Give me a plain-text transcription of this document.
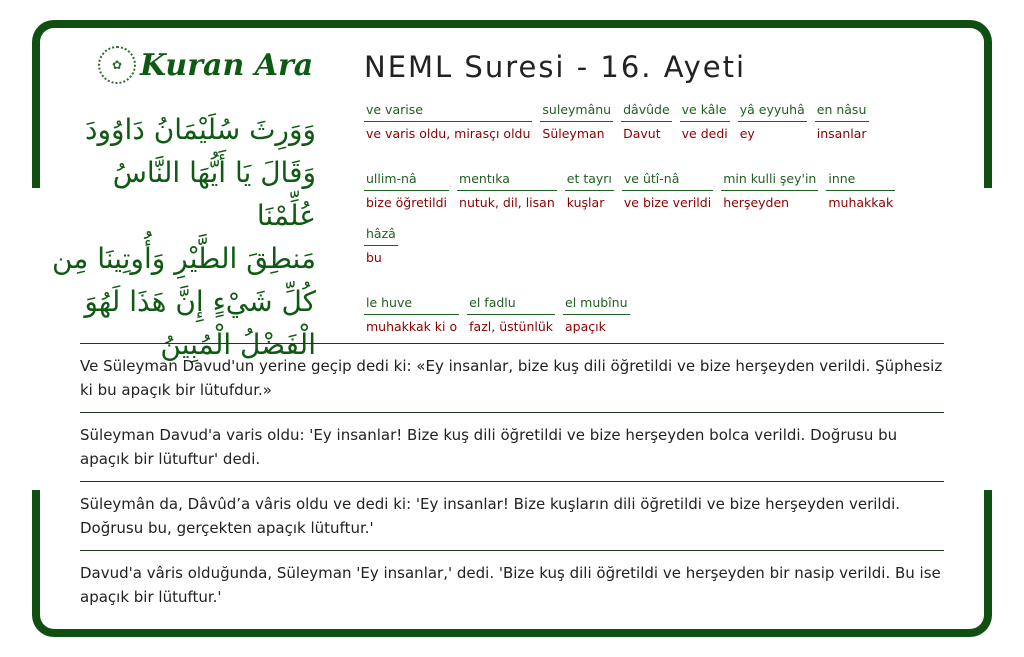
✿ Kuran Ara
وَوَرِثَ سُلَيْمَانُ دَاوُودَ
وَقَالَ يَا أَيُّهَا النَّاسُ عُلِّمْنَا
مَنطِقَ الطَّيْرِ وَأُوتِينَا مِن
كُلِّ شَيْءٍ إِنَّ هَذَا لَهُوَ
الْفَضْلُ الْمُبِينُ
NEML Suresi - 16. Ayeti
ve varise
ve varis oldu, mirasçı oldu
suleymânu
Süleyman
dâvûde
Davut
ve kâle
ve dedi
yâ eyyuhâ
ey
en nâsu
insanlar
ullim-nâ
bize öğretildi
mentıka
nutuk, dil, lisan
et tayrı
kuşlar
ve ûtî-nâ
ve bize verildi
min kulli şey'in
herşeyden
inne
muhakkak
hâzâ
bu
le huve
muhakkak ki o
el fadlu
fazl, üstünlük
el mubînu
apaçık
Ve Süleyman Davud'un yerine geçip dedi ki: «Ey insanlar, bize kuş dili öğretildi ve bize herşeyden verildi. Şüphesiz ki bu apaçık bir lütufdur.»
Süleyman Davud'a varis oldu: 'Ey insanlar! Bize kuş dili öğretildi ve bize herşeyden bolca verildi. Doğrusu bu apaçık bir lütuftur' dedi.
Süleymân da, Dâvûd’a vâris oldu ve dedi ki: 'Ey insanlar! Bize kuşların dili öğretildi ve bize herşeyden verildi. Doğrusu bu, gerçekten apaçık lütuftur.'
Davud'a vâris olduğunda, Süleyman 'Ey insanlar,' dedi. 'Bize kuş dili öğretildi ve herşeyden bir nasip verildi. Bu ise apaçık bir lütuftur.'
